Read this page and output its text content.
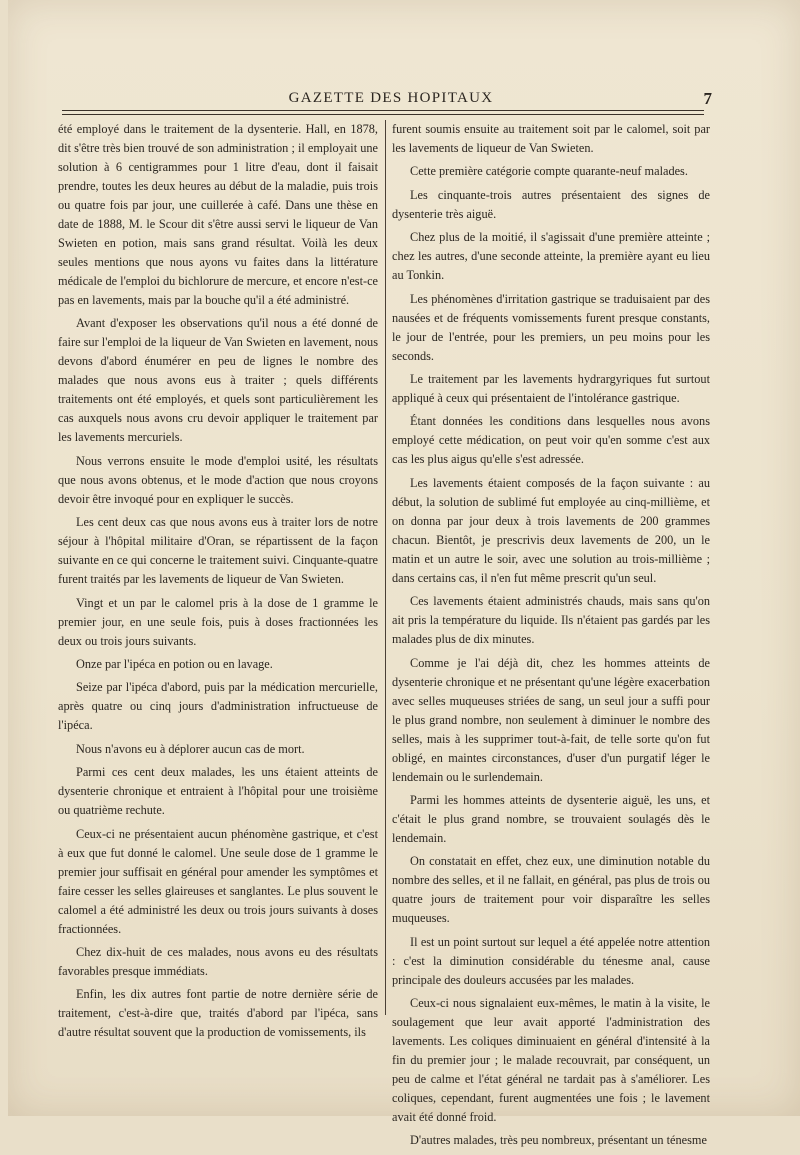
GAZETTE DES HOPITAUX	7

été employé dans le traitement de la dysenterie. Hall, en 1878, dit s'être très bien trouvé de son administration ; il employait une solution à 6 centigrammes pour 1 litre d'eau, dont il faisait prendre, toutes les deux heures au début de la maladie, puis trois ou quatre fois par jour, une cuillerée à café. Dans une thèse en date de 1888, M. le Scour dit s'être aussi servi le liqueur de Van Swieten en potion, mais sans grand résultat. Voilà les deux seules mentions que nous ayons vu faites dans la littérature médicale de l'emploi du bichlorure de mercure, et encore n'est-ce pas en lavements, mais par la bouche qu'il a été administré.

Avant d'exposer les observations qu'il nous a été donné de faire sur l'emploi de la liqueur de Van Swieten en lavement, nous devons d'abord énumérer en peu de lignes le nombre des malades que nous avons eus à traiter ; quels différents traitements ont été employés, et quels sont particulièrement les cas auxquels nous avons cru devoir appliquer le traitement par les lavements mercuriels.

Nous verrons ensuite le mode d'emploi usité, les résultats que nous avons obtenus, et le mode d'action que nous croyons devoir être invoqué pour en expliquer le succès.

Les cent deux cas que nous avons eus à traiter lors de notre séjour à l'hôpital militaire d'Oran, se répartissent de la façon suivante en ce qui concerne le traitement suivi. Cinquante-quatre furent traités par les lavements de liqueur de Van Swieten.

Vingt et un par le calomel pris à la dose de 1 gramme le premier jour, en une seule fois, puis à doses fractionnées les deux ou trois jours suivants.

Onze par l'ipéca en potion ou en lavage.

Seize par l'ipéca d'abord, puis par la médication mercurielle, après quatre ou cinq jours d'administration infructueuse de l'ipéca.

Nous n'avons eu à déplorer aucun cas de mort.

Parmi ces cent deux malades, les uns étaient atteints de dysenterie chronique et entraient à l'hôpital pour une troisième ou quatrième rechute.

Ceux-ci ne présentaient aucun phénomène gastrique, et c'est à eux que fut donné le calomel. Une seule dose de 1 gramme le premier jour suffisait en général pour amender les symptômes et faire cesser les selles glaireuses et sanglantes. Le plus souvent le calomel a été administré les deux ou trois jours suivants à doses fractionnées.

Chez dix-huit de ces malades, nous avons eu des résultats favorables presque immédiats.

Enfin, les dix autres font partie de notre dernière série de traitement, c'est-à-dire que, traités d'abord par l'ipéca, sans d'autre résultat souvent que la production de vomissements, ils

furent soumis ensuite au traitement soit par le calomel, soit par les lavements de liqueur de Van Swieten.

Cette première catégorie compte quarante-neuf malades.

Les cinquante-trois autres présentaient des signes de dysenterie très aiguë.

Chez plus de la moitié, il s'agissait d'une première atteinte ; chez les autres, d'une seconde atteinte, la première ayant eu lieu au Tonkin.

Les phénomènes d'irritation gastrique se traduisaient par des nausées et de fréquents vomissements furent presque constants, le jour de l'entrée, pour les premiers, un peu moins pour les seconds.

Le traitement par les lavements hydrargyriques fut surtout appliqué à ceux qui présentaient de l'intolérance gastrique.

Étant données les conditions dans lesquelles nous avons employé cette médication, on peut voir qu'en somme c'est aux cas les plus aigus qu'elle s'est adressée.

Les lavements étaient composés de la façon suivante : au début, la solution de sublimé fut employée au cinq-millième, et on donna par jour deux à trois lavements de 200 grammes chacun. Bientôt, je prescrivis deux lavements de 200, un le matin et un autre le soir, avec une solution au trois-millième ; dans certains cas, il n'en fut même prescrit qu'un seul.

Ces lavements étaient administrés chauds, mais sans qu'on ait pris la température du liquide. Ils n'étaient pas gardés par les malades plus de dix minutes.

Comme je l'ai déjà dit, chez les hommes atteints de dysenterie chronique et ne présentant qu'une légère exacerbation avec selles muqueuses striées de sang, un seul jour a suffi pour le plus grand nombre, non seulement à diminuer le nombre des selles, mais à les supprimer tout-à-fait, de telle sorte qu'on fut obligé, en maintes circonstances, d'user d'un purgatif léger le lendemain ou le surlendemain.

Parmi les hommes atteints de dysenterie aiguë, les uns, et c'était le plus grand nombre, se trouvaient soulagés dès le lendemain.

On constatait en effet, chez eux, une diminution notable du nombre des selles, et il ne fallait, en général, pas plus de trois ou quatre jours de traitement pour voir disparaître les selles muqueuses.

Il est un point surtout sur lequel a été appelée notre attention : c'est la diminution considérable du ténesme anal, cause principale des douleurs accusées par les malades.

Ceux-ci nous signalaient eux-mêmes, le matin à la visite, le soulagement que leur avait apporté l'administration des lavements. Les coliques diminuaient en général d'intensité à la fin du premier jour ; le malade recouvrait, par conséquent, un peu de calme et l'état général ne tardait pas à s'améliorer. Les coliques, cependant, furent augmentées une fois ; le lavement avait été donné froid.

D'autres malades, très peu nombreux, présentant un ténesme
